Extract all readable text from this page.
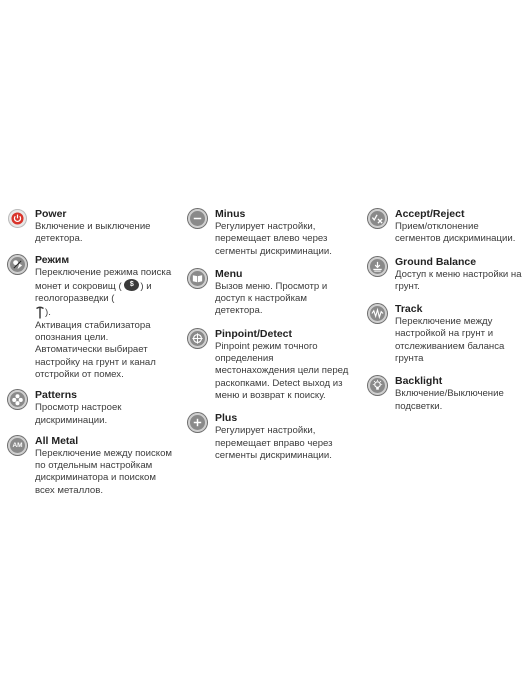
Power
Включение и выключение детектора.
Режим
Переключение режима поиска монет и сокровищ (	$ ) и геологоразведки (
).
Активация стабилизатора опознания цели. Автоматически выбирает настройку на грунт и канал отстройки от помех.
Patterns
Просмотр настроек дискриминации.
AM All Metal
Переключение между поиском по отдельным настройкам дискриминатора и поиском всех металлов.
Minus
Регулирует настройки, перемещает влево через сегменты дискриминации.
Menu
Вызов меню. Просмотр и доступ к настройкам детектора.
Pinpoint/Detect
Pinpoint режим точного определения местонахождения цели перед раскопками. Detect выход из меню и возврат к поиску.
Plus
Регулирует настройки, перемещает вправо через сегменты дискриминации.
Accept/Reject
Прием/отклонение сегментов дискриминации.
Ground Balance
Доступ к меню настройки на грунт.
Track
Переключение между настройкой на грунт и отслеживанием баланса грунта
Backlight
Включение/Выключение подсветки.
